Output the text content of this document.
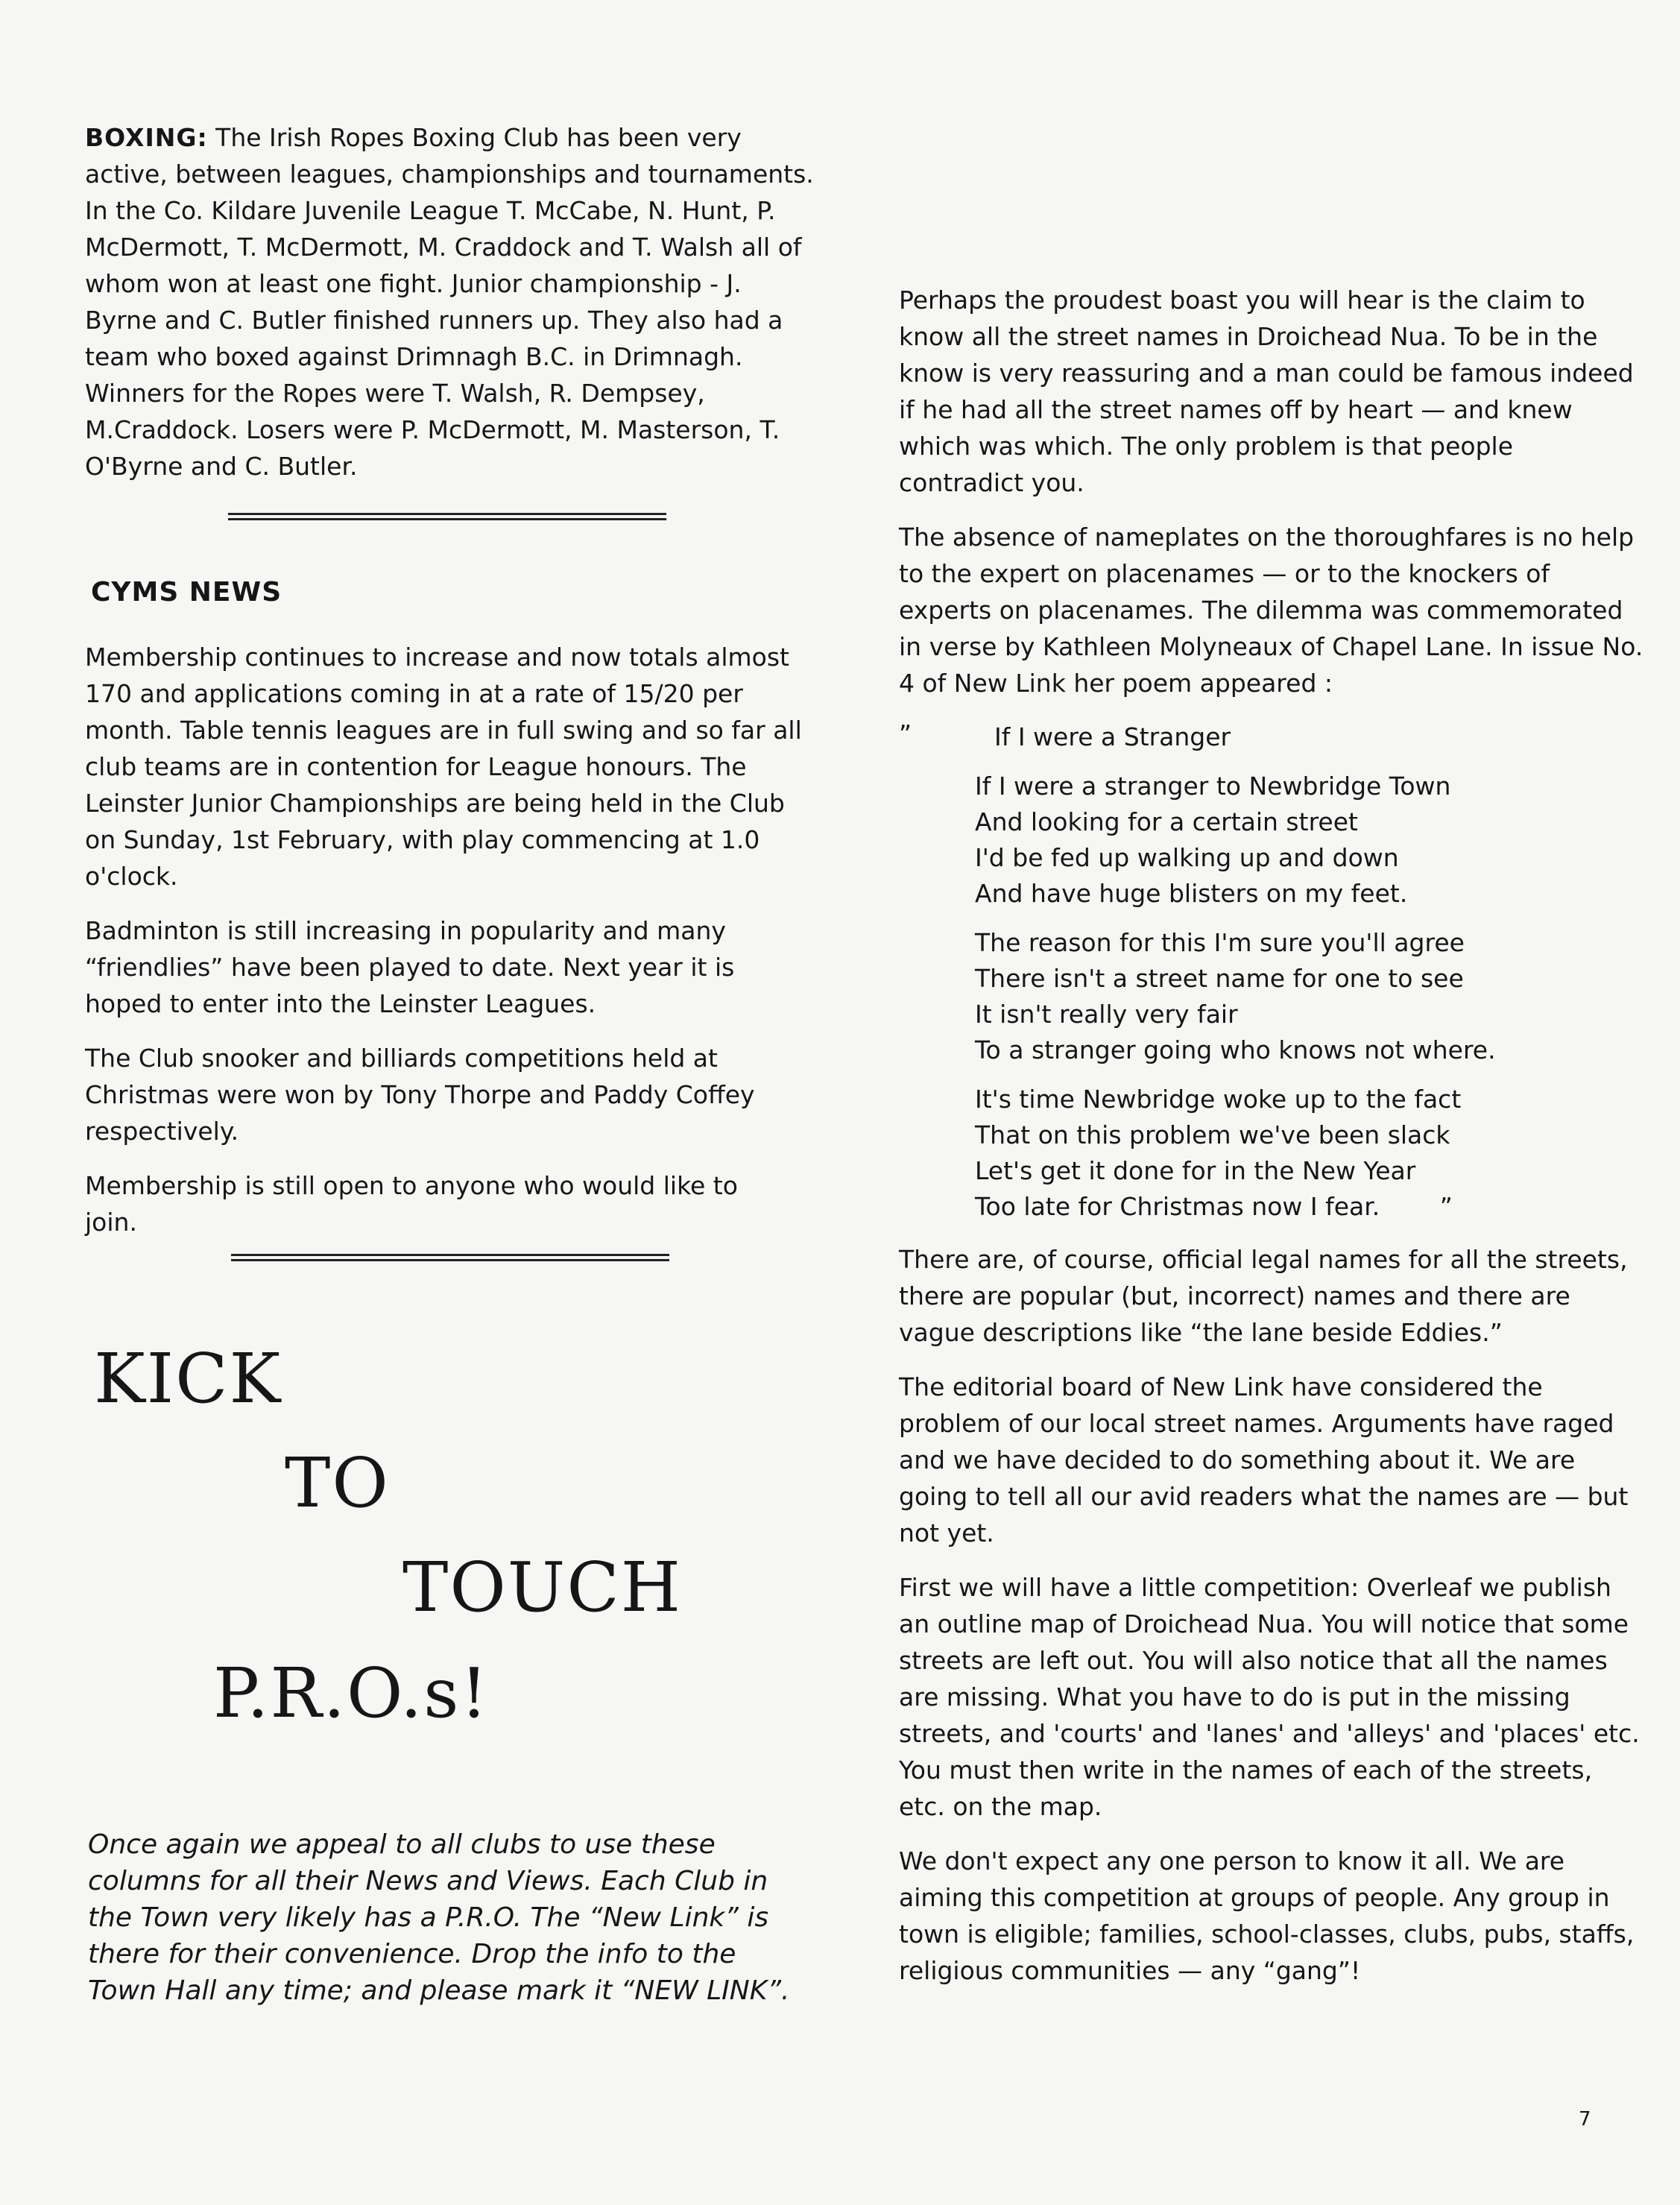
BOXING: The Irish Ropes Boxing Club has been very active, between leagues, championships and tournaments. In the Co. Kildare Juvenile League T. McCabe, N. Hunt, P. McDermott, T. McDermott, M. Craddock and T. Walsh all of whom won at least one fight. Junior championship - J. Byrne and C. Butler finished runners up. They also had a team who boxed against Drimnagh B.C. in Drimnagh. Winners for the Ropes were T. Walsh, R. Dempsey, M.Craddock. Losers were P. McDermott, M. Masterson, T. O'Byrne and C. Butler.

CYMS NEWS

Membership continues to increase and now totals almost 170 and applications coming in at a rate of 15/20 per month. Table tennis leagues are in full swing and so far all club teams are in contention for League honours. The Leinster Junior Championships are being held in the Club on Sunday, 1st February, with play commencing at 1.0 o'clock.

Badminton is still increasing in popularity and many “friendlies” have been played to date. Next year it is hoped to enter into the Leinster Leagues.

The Club snooker and billiards competitions held at Christmas were won by Tony Thorpe and Paddy Coffey respectively.

Membership is still open to anyone who would like to join.

KICK
TO
TOUCH
P.R.O.s!

Once again we appeal to all clubs to use these columns for all their News and Views. Each Club in the Town very likely has a P.R.O. The “New Link” is there for their convenience. Drop the info to the Town Hall any time; and please mark it “NEW LINK”.

Perhaps the proudest boast you will hear is the claim to know all the street names in Droichead Nua. To be in the know is very reassuring and a man could be famous indeed if he had all the street names off by heart — and knew which was which. The only problem is that people contradict you.

The absence of nameplates on the thoroughfares is no help to the expert on placenames — or to the knockers of experts on placenames. The dilemma was commemorated in verse by Kathleen Molyneaux of Chapel Lane. In issue No. 4 of New Link her poem appeared :

”	If I were a Stranger

If I were a stranger to Newbridge Town

And looking for a certain street

I'd be fed up walking up and down

And have huge blisters on my feet.

The reason for this I'm sure you'll agree

There isn't a street name for one to see

It isn't really very fair

To a stranger going who knows not where.

It's time Newbridge woke up to the fact

That on this problem we've been slack

Let's get it done for in the New Year

Too late for Christmas now I fear. ”

There are, of course, official legal names for all the streets, there are popular (but, incorrect) names and there are vague descriptions like “the lane beside Eddies.”

The editorial board of New Link have considered the problem of our local street names. Arguments have raged and we have decided to do something about it. We are going to tell all our avid readers what the names are — but not yet.

First we will have a little competition: Overleaf we publish an outline map of Droichead Nua. You will notice that some streets are left out. You will also notice that all the names are missing. What you have to do is put in the missing streets, and 'courts' and 'lanes' and 'alleys' and 'places' etc. You must then write in the names of each of the streets, etc. on the map.

We don't expect any one person to know it all. We are aiming this competition at groups of people. Any group in town is eligible; families, school-classes, clubs, pubs, staffs, religious communities — any “gang”!

7
